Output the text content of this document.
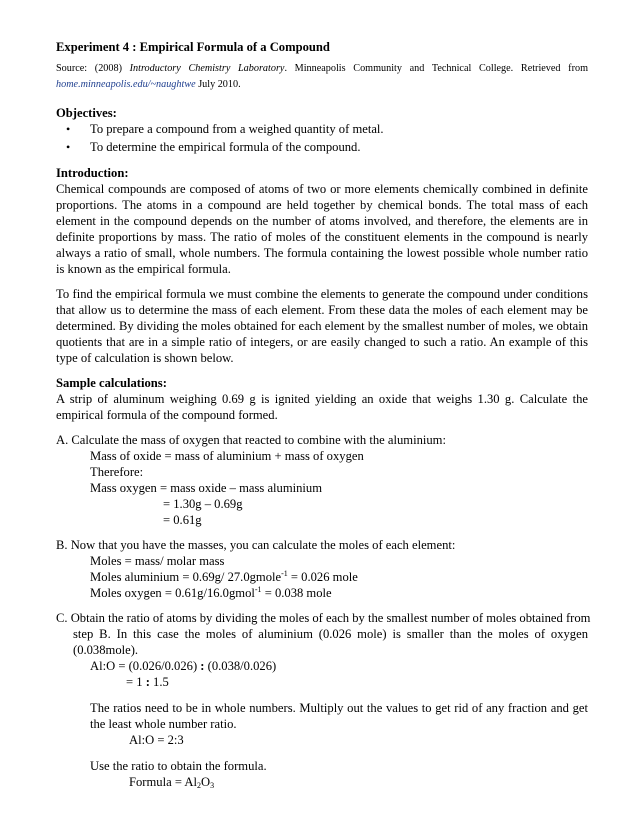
Experiment 4 : Empirical Formula of a Compound
Source: (2008) Introductory Chemistry Laboratory. Minneapolis Community and Technical College. Retrieved from
home.minneapolis.edu/~naughtwe July 2010.
Objectives:
• To prepare a compound from a weighed quantity of metal.
• To determine the empirical formula of the compound.
Introduction:
Chemical compounds are composed of atoms of two or more elements chemically combined in definite
proportions. The atoms in a compound are held together by chemical bonds. The total mass of each
element in the compound depends on the number of atoms involved, and therefore, the elements are in
definite proportions by mass. The ratio of moles of the constituent elements in the compound is nearly
always a ratio of small, whole numbers. The formula containing the lowest possible whole number ratio
is known as the empirical formula.
To find the empirical formula we must combine the elements to generate the compound under conditions
that allow us to determine the mass of each element. From these data the moles of each element may be
determined. By dividing the moles obtained for each element by the smallest number of moles, we obtain
quotients that are in a simple ratio of integers, or are easily changed to such a ratio. An example of this
type of calculation is shown below.
Sample calculations:
A strip of aluminum weighing 0.69 g is ignited yielding an oxide that weighs 1.30 g. Calculate the
empirical formula of the compound formed.
A. Calculate the mass of oxygen that reacted to combine with the aluminium:
Mass of oxide = mass of aluminium + mass of oxygen
Therefore:
Mass oxygen = mass oxide – mass aluminium
= 1.30g – 0.69g
= 0.61g
B. Now that you have the masses, you can calculate the moles of each element:
Moles = mass/ molar mass
Moles aluminium = 0.69g/ 27.0gmole$^{-1}$ = 0.026 mole
Moles oxygen = 0.61g/16.0gmol$^{-1}$ = 0.038 mole
C. Obtain the ratio of atoms by dividing the moles of each by the smallest number of moles obtained from
step B. In this case the moles of aluminium (0.026 mole) is smaller than the moles of oxygen
(0.038mole).
Al:O = (0.026/0.026) : (0.038/0.026)
= 1 : 1.5
The ratios need to be in whole numbers. Multiply out the values to get rid of any fraction and get
the least whole number ratio.
Al:O = 2:3
Use the ratio to obtain the formula.
Formula = $Al_2O_3$
